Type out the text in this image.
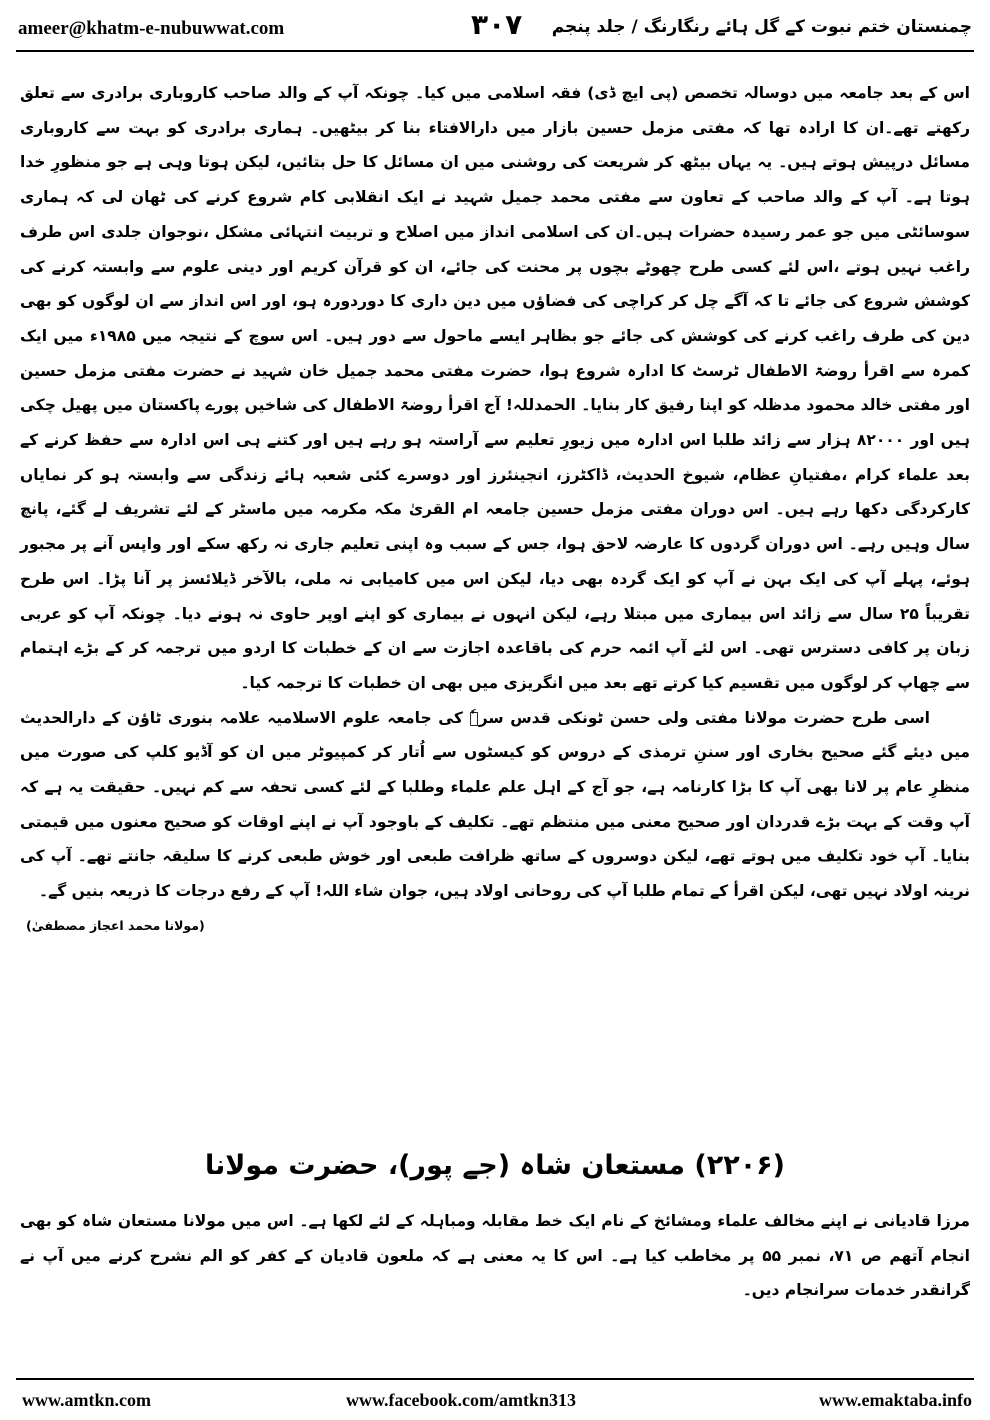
ameer@khatm-e-nubuwwat.com	۳۰۷ چمنستان ختم نبوت کے گل ہائے رنگارنگ / جلد پنجم

اس کے بعد جامعہ میں دوسالہ تخصص (پی ایچ ڈی) فقہ اسلامی میں کیا۔ چونکہ آپ کے والد صاحب کاروباری برادری سے تعلق رکھتے تھے۔ان کا ارادہ تھا کہ مفتی مزمل حسین بازار میں دارالافتاء بنا کر بیٹھیں۔ ہماری برادری کو بہت سے کاروباری مسائل درپیش ہوتے ہیں۔ یہ یہاں بیٹھ کر شریعت کی روشنی میں ان مسائل کا حل بتائیں، لیکن ہوتا وہی ہے جو منظورِ خدا ہوتا ہے۔ آپ کے والد صاحب کے تعاون سے مفتی محمد جمیل شہید نے ایک انقلابی کام شروع کرنے کی ٹھان لی کہ ہماری سوسائٹی میں جو عمر رسیدہ حضرات ہیں۔ان کی اسلامی انداز میں اصلاح و تربیت انتہائی مشکل ،نوجوان جلدی اس طرف راغب نہیں ہوتے ،اس لئے کسی طرح چھوٹے بچوں پر محنت کی جائے، ان کو قرآن کریم اور دینی علوم سے وابستہ کرنے کی کوشش شروع کی جائے تا کہ آگے چل کر کراچی کی فضاؤں میں دین داری کا دوردورہ ہو، اور اس انداز سے ان لوگوں کو بھی دین کی طرف راغب کرنے کی کوشش کی جائے جو بظاہر ایسے ماحول سے دور ہیں۔ اس سوچ کے نتیجہ میں ۱۹۸۵ء میں ایک کمرہ سے اقرأ روضۃ الاطفال ٹرسٹ کا ادارہ شروع ہوا، حضرت مفتی محمد جمیل خان شہید نے حضرت مفتی مزمل حسین اور مفتی خالد محمود مدظلہ کو اپنا رفیق کار بنایا۔ الحمدللہ! آج اقرأ روضۃ الاطفال کی شاخیں پورے پاکستان میں پھیل چکی ہیں اور ۸۲۰۰۰ ہزار سے زائد طلبا اس ادارہ میں زیورِ تعلیم سے آراستہ ہو رہے ہیں اور کتنے ہی اس ادارہ سے حفظ کرنے کے بعد علماء کرام ،مفتیانِ عظام، شیوخ الحدیث، ڈاکٹرز، انجینئرز اور دوسرے کئی شعبہ ہائے زندگی سے وابستہ ہو کر نمایاں کارکردگی دکھا رہے ہیں۔ اس دوران مفتی مزمل حسین جامعہ ام القریٰ مکہ مکرمہ میں ماسٹر کے لئے تشریف لے گئے، پانچ سال وہیں رہے۔ اس دوران گردوں کا عارضہ لاحق ہوا، جس کے سبب وہ اپنی تعلیم جاری نہ رکھ سکے اور واپس آنے پر مجبور ہوئے، پہلے آپ کی ایک بہن نے آپ کو ایک گردہ بھی دیا، لیکن اس میں کامیابی نہ ملی، بالآخر ڈیلائسز پر آنا پڑا۔ اس طرح تقریباً ۲۵ سال سے زائد اس بیماری میں مبتلا رہے، لیکن انہوں نے بیماری کو اپنے اوپر حاوی نہ ہونے دیا۔ چونکہ آپ کو عربی زبان پر کافی دسترس تھی۔ اس لئے آپ ائمہ حرم کی باقاعدہ اجازت سے ان کے خطبات کا اردو میں ترجمہ کر کے بڑے اہتمام سے چھاپ کر لوگوں میں تقسیم کیا کرتے تھے بعد میں انگریزی میں بھی ان خطبات کا ترجمہ کیا۔

اسی طرح حضرت مولانا مفتی ولی حسن ٹونکی قدس سرہٗ کی جامعہ علوم الاسلامیہ علامہ بنوری ٹاؤن کے دارالحدیث میں دیئے گئے صحیح بخاری اور سننِ ترمذی کے دروس کو کیسٹوں سے اُتار کر کمپیوٹر میں ان کو آڈیو کلپ کی صورت میں منظرِ عام پر لانا بھی آپ کا بڑا کارنامہ ہے، جو آج کے اہل علم علماء وطلبا کے لئے کسی تحفہ سے کم نہیں۔ حقیقت یہ ہے کہ آپ وقت کے بہت بڑے قدردان اور صحیح معنی میں منتظم تھے۔ تکلیف کے باوجود آپ نے اپنے اوقات کو صحیح معنوں میں قیمتی بنایا۔ آپ خود تکلیف میں ہوتے تھے، لیکن دوسروں کے ساتھ ظرافت طبعی اور خوش طبعی کرنے کا سلیقہ جانتے تھے۔ آپ کی نرینہ اولاد نہیں تھی، لیکن اقرأ کے تمام طلبا آپ کی روحانی اولاد ہیں، جوان شاء اللہ! آپ کے رفع درجات کا ذریعہ بنیں گے۔
(مولانا محمد اعجاز مصطفیٰ)

(۲۲۰۶) مستعان شاہ (جے پور)، حضرت مولانا

مرزا قادیانی نے اپنے مخالف علماء ومشائخ کے نام ایک خط مقابلہ ومباہلہ کے لئے لکھا ہے۔ اس میں مولانا مستعان شاہ کو بھی انجام آتھم ص ۷۱، نمبر ۵۵ پر مخاطب کیا ہے۔ اس کا یہ معنی ہے کہ ملعون قادیان کے کفر کو الم نشرح کرنے میں آپ نے گرانقدر خدمات سرانجام دیں۔

www.amtkn.com	www.facebook.com/amtkn313	www.emaktaba.info
